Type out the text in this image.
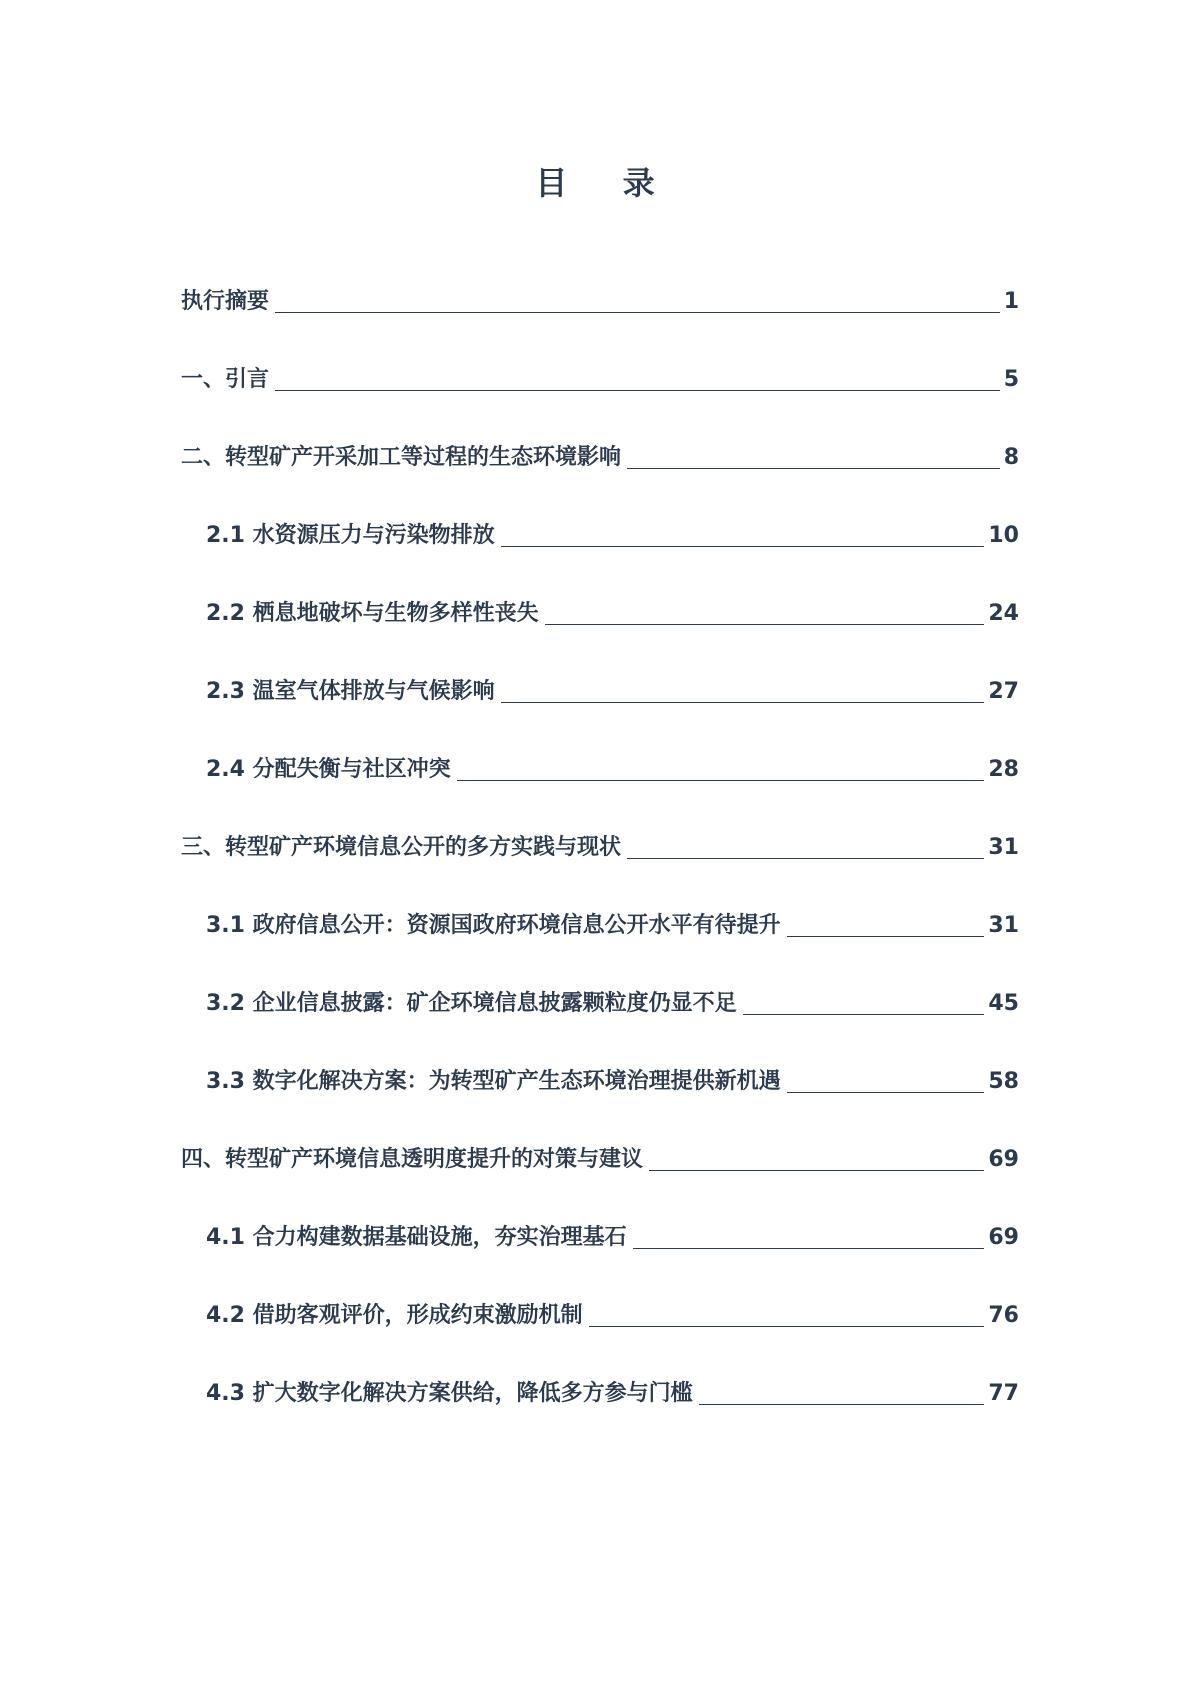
目 录
执行摘要	1
一、引言	5
二、转型矿产开采加工等过程的生态环境影响	8
2.1 水资源压力与污染物排放	10
2.2 栖息地破坏与生物多样性丧失	24
2.3 温室气体排放与气候影响	27
2.4 分配失衡与社区冲突	28
三、转型矿产环境信息公开的多方实践与现状	31
3.1 政府信息公开：资源国政府环境信息公开水平有待提升	31
3.2 企业信息披露：矿企环境信息披露颗粒度仍显不足	45
3.3 数字化解决方案：为转型矿产生态环境治理提供新机遇	58
四、转型矿产环境信息透明度提升的对策与建议	69
4.1 合力构建数据基础设施，夯实治理基石	69
4.2 借助客观评价，形成约束激励机制	76
4.3 扩大数字化解决方案供给，降低多方参与门槛	77
